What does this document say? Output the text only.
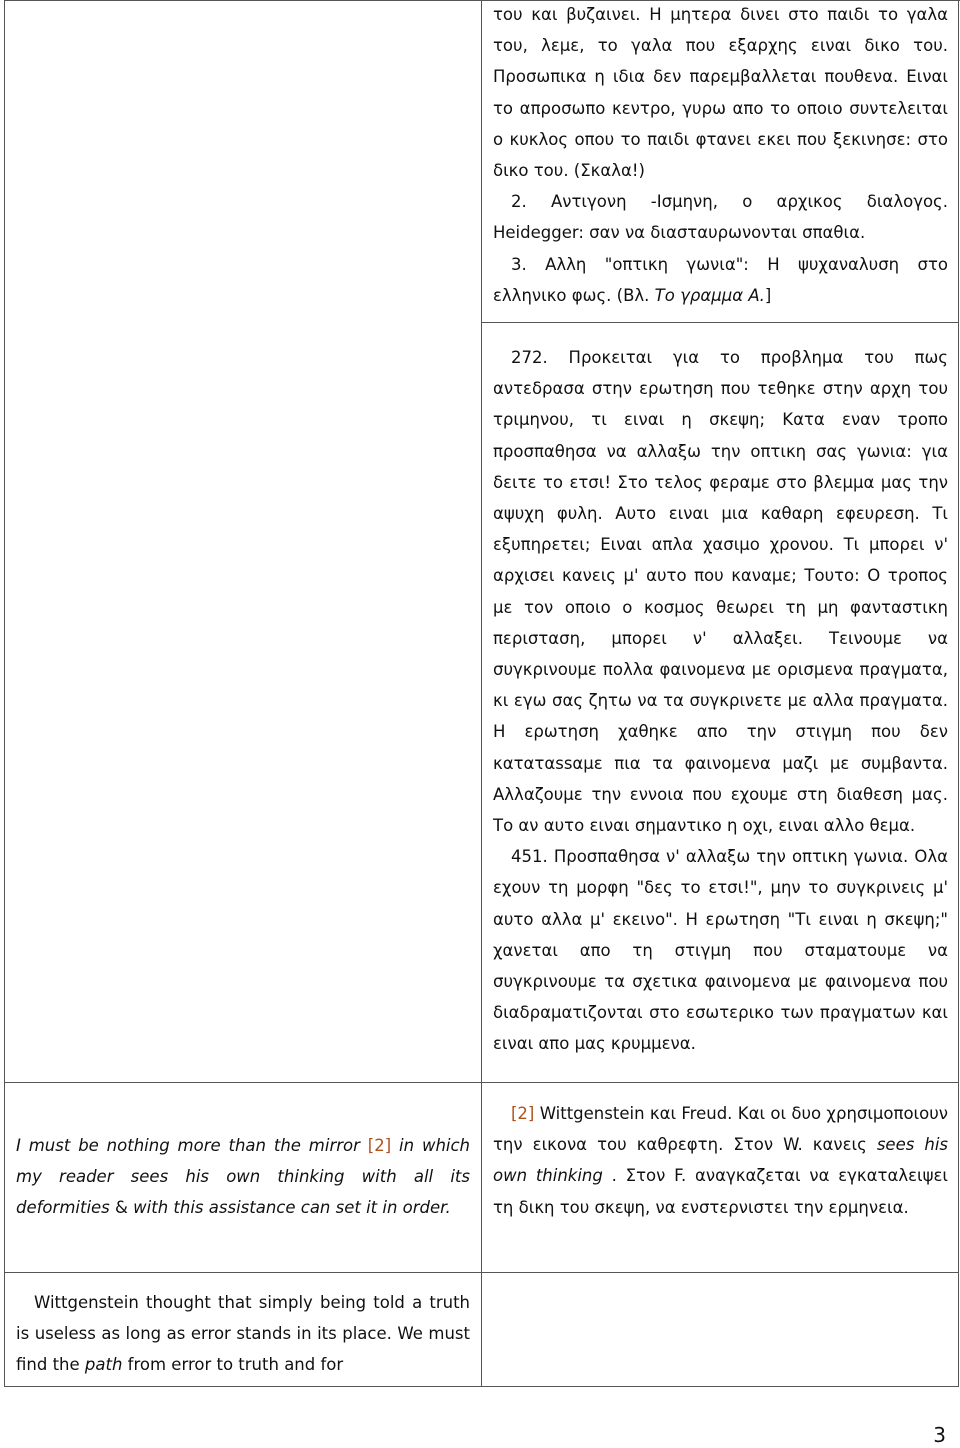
του και βυζαινει. Η μητερα δινει στο παιδι το γαλα του, λεμε, το γαλα που εξαρχης ειναι δικο του. Προσωπικα η ιδια δεν παρεμβαλλεται πουθενα. Ειναι το απροσωπο κεντρο, γυρω απο το οποιο συντελειται ο κυκλος οπου το παιδι φτανει εκει που ξεκινησε: στο δικο του. (Σκαλα!)

2. Αντιγονη -Ισμηνη, ο αρχικος διαλογος. Heidegger: σαν να διασταυρωνονται σπαθια.

3. Αλλη "οπτικη γωνια": Η ψυχαναλυση στο ελληνικο φως. (Βλ. Το γραμμα Α.]

272. Προκειται για το προβλημα του πως αντεδρασα στην ερωτηση που τεθηκε στην αρχη του τριμηνου, τι ειναι η σκεψη; Κατα εναν τροπο προσπαθησα να αλλαξω την οπτικη σας γωνια: για δειτε το ετσι! Στο τελος φεραμε στο βλεμμα μας την αψυχη φυλη. Αυτο ειναι μια καθαρη εφευρεση. Τι εξυπηρετει; Ειναι απλα χασιμο χρονου. Τι μπορει ν' αρχισει κανεις μ' αυτο που καναμε; Τουτο: Ο τροπος με τον οποιο ο κοσμος θεωρει τη μη φανταστικη περισταση, μπορει ν' αλλαξει. Τεινουμε να συγκρινουμε πολλα φαινομενα με ορισμενα πραγματα, κι εγω σας ζητω να τα συγκρινετε με αλλα πραγματα. Η ερωτηση χαθηκε απο την στιγμη που δεν καταταssαμε πια τα φαινομενα μαζι με συμβαντα. Αλλαζουμε την εννοια που εχουμε στη διαθεση μας. Το αν αυτο ειναι σημαντικο η οχι, ειναι αλλο θεμα.

451. Προσπαθησα ν' αλλαξω την οπτικη γωνια. Ολα εχουν τη μορφη "δες το ετσι!", μην το συγκρινεις μ' αυτο αλλα μ' εκεινο". Η ερωτηση "Τι ειναι η σκεψη;" χανεται απο τη στιγμη που σταματουμε να συγκρινουμε τα σχετικα φαινομενα με φαινομενα που διαδραματιζονται στο εσωτερικο των πραγματων και ειναι απο μας κρυμμενα.

I must be nothing more than the mirror [2] in which my reader sees his own thinking with all its deformities & with this assistance can set it in order.

[2] Wittgenstein και Freud. Και οι δυο χρησιμοποιουν την εικονα του καθρεφτη. Στον W. κανεις sees his own thinking . Στον F. αναγκαζεται να εγκαταλειψει τη δικη του σκεψη, να ενστερνιστει την ερμηνεια.

Wittgenstein thought that simply being told a truth is useless as long as error stands in its place. We must find the path from error to truth and for

3
